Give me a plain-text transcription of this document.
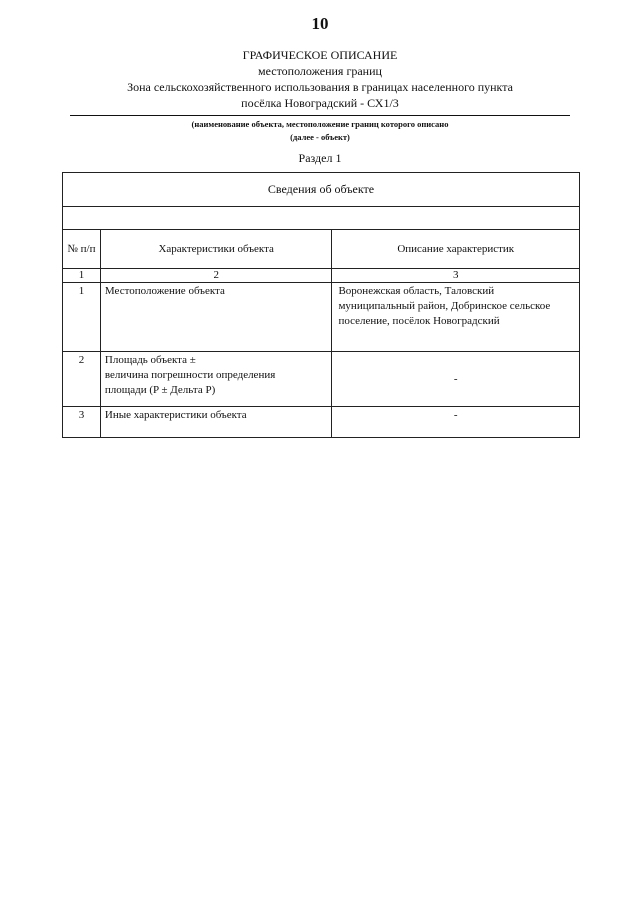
10
ГРАФИЧЕСКОЕ ОПИСАНИЕ
местоположения границ
Зона сельскохозяйственного использования в границах населенного пункта
посёлка Новоградский - СХ1/3
(наименование объекта, местоположение границ которого описано
(далее - объект)
Раздел 1
Сведения об объекте		

№ п/п	Характеристики объекта	Описание характеристик
1	2	3
1	Местоположение объекта	Воронежская область, Таловский муниципальный район, Добринское сельское поселение, посёлок Новоградский

2	Площадь объекта ±
величина погрешности определения
площади (P ± Дельта P)	-
3	Иные характеристики объекта	-
